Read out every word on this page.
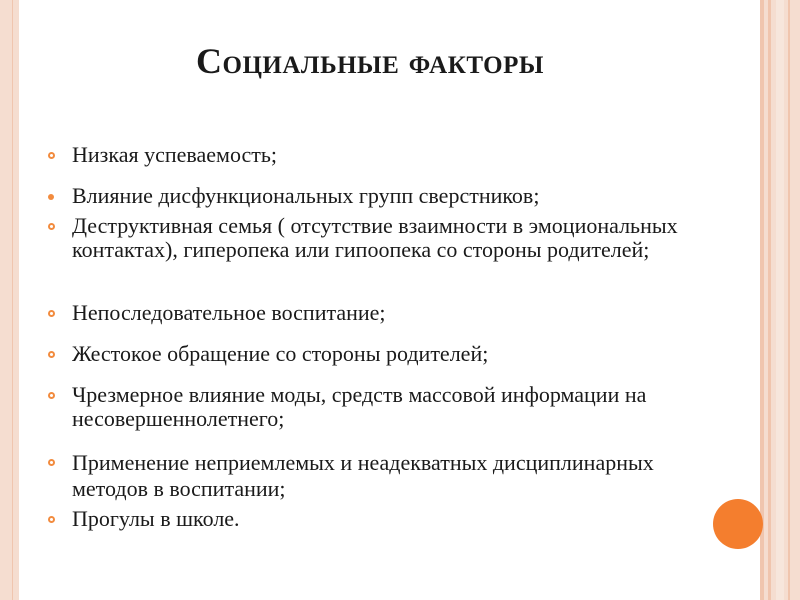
Социальные факторы
Низкая успеваемость;
Влияние дисфункциональных групп сверстников;
Деструктивная семья ( отсутствие взаимности в эмоциональных контактах), гиперопека или гипоопека со стороны родителей;
Непоследовательное воспитание;
Жестокое обращение со стороны родителей;
Чрезмерное влияние моды, средств массовой информации на несовершеннолетнего;
Применение неприемлемых и неадекватных дисциплинарных методов в воспитании;
Прогулы в школе.
